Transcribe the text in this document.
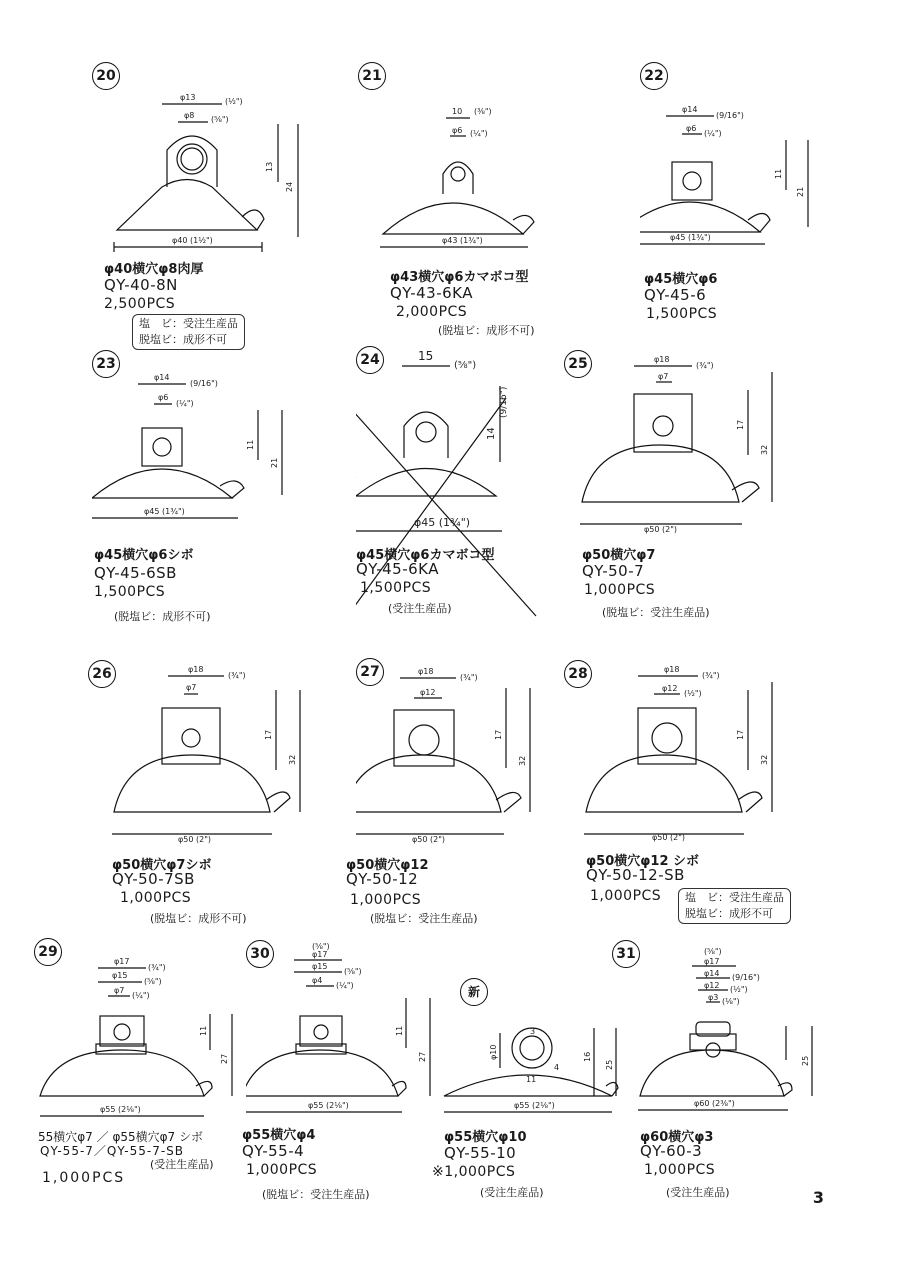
20
φ13	(½")
φ8 (⅝")
13
24
φ40 (1½")
φ40横穴φ8肉厚
QY-40-8N
2,500PCS
塩　ビ：受注生産品
脱塩ビ：成形不可
21
10 (⅜")
φ6 (¼")
φ43 (1¾")
φ43横穴φ6カマボコ型
QY-43-6KA
2,000PCS
(脱塩ビ：成形不可)
22
φ14
(9/16")
φ6
(¼")
11
21
φ45 (1¾")
φ45横穴φ6
QY-45-6
1,500PCS
23
φ14
(9/16")
φ6
(¼")
11
21
φ45 (1¾")
φ45横穴φ6シボ
QY-45-6SB
1,500PCS
(脱塩ビ：成形不可)
24	15
(⅝")
14
(9/16")
φ45 (1¾")
φ45横穴φ6カマボコ型
QY-45-6KA
1,500PCS
(受注生産品)
25	φ18
(¾")
φ7
17
32
φ50 (2")
φ50横穴φ7
QY-50-7
1,000PCS
(脱塩ビ：受注生産品)
26	φ18
(¾")
φ7
17
32
φ50 (2")
φ50横穴φ7シボ
QY-50-7SB
1,000PCS
(脱塩ビ：成形不可)
27	φ18
(¾")
φ12
17
32
φ50 (2")
φ50横穴φ12
QY-50-12
1,000PCS
(脱塩ビ：受注生産品)
28	φ18
(¾")
φ12
(½")
17
32
φ50 (2")
φ50横穴φ12 シボ
QY-50-12-SB
1,000PCS 塩　ビ：受注生産品
脱塩ビ：成形不可
29
φ17
(¾")
φ15
(⅝")
φ7
(¼")
11
27
φ55 (2⅛")
55横穴φ7 ／ φ55横穴φ7 シボ
QY-55-7／QY-55-7-SB
(受注生産品)
30	(⅝")
φ17
φ15
(⅝")
φ4
(¼")
11
27
φ55 (2⅛")
φ55横穴φ4
QY-55-4
1,000PCS
(脱塩ビ：受注生産品)
新
φ10	16
25
11
4
3
φ55 (2⅛")
φ55横穴φ10
QY-55-10
※1,000PCS
(受注生産品)
31	(⅝")
φ17
φ14 (9/16")
φ12 (½")
φ3 (⅛")
25
φ60 (2⅜")
φ60横穴φ3
QY-60-3
1,000PCS
(受注生産品)
1,000PCS
3
